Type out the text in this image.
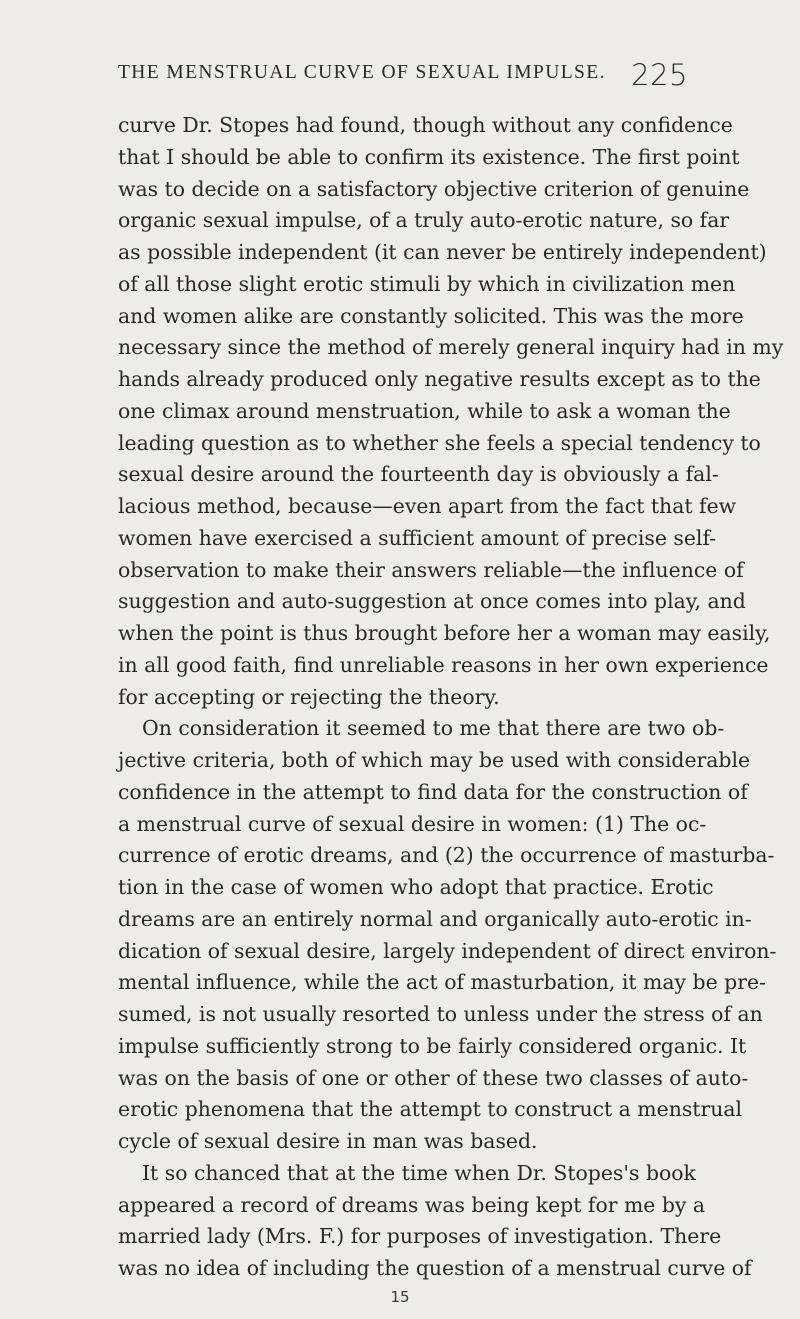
THE MENSTRUAL CURVE OF SEXUAL IMPULSE. 225
curve Dr. Stopes had found, though without any confidence
that I should be able to confirm its existence. The first point
was to decide on a satisfactory objective criterion of genuine
organic sexual impulse, of a truly auto-erotic nature, so far
as possible independent (it can never be entirely independent)
of all those slight erotic stimuli by which in civilization men
and women alike are constantly solicited. This was the more
necessary since the method of merely general inquiry had in my
hands already produced only negative results except as to the
one climax around menstruation, while to ask a woman the
leading question as to whether she feels a special tendency to
sexual desire around the fourteenth day is obviously a fal-
lacious method, because—even apart from the fact that few
women have exercised a sufficient amount of precise self-
observation to make their answers reliable—the influence of
suggestion and auto-suggestion at once comes into play, and
when the point is thus brought before her a woman may easily,
in all good faith, find unreliable reasons in her own experience
for accepting or rejecting the theory.
On consideration it seemed to me that there are two ob-
jective criteria, both of which may be used with considerable
confidence in the attempt to find data for the construction of
a menstrual curve of sexual desire in women: (1) The oc-
currence of erotic dreams, and (2) the occurrence of masturba-
tion in the case of women who adopt that practice. Erotic
dreams are an entirely normal and organically auto-erotic in-
dication of sexual desire, largely independent of direct environ-
mental influence, while the act of masturbation, it may be pre-
sumed, is not usually resorted to unless under the stress of an
impulse sufficiently strong to be fairly considered organic. It
was on the basis of one or other of these two classes of auto-
erotic phenomena that the attempt to construct a menstrual
cycle of sexual desire in man was based.
It so chanced that at the time when Dr. Stopes's book
appeared a record of dreams was being kept for me by a
married lady (Mrs. F.) for purposes of investigation. There
was no idea of including the question of a menstrual curve of
15
